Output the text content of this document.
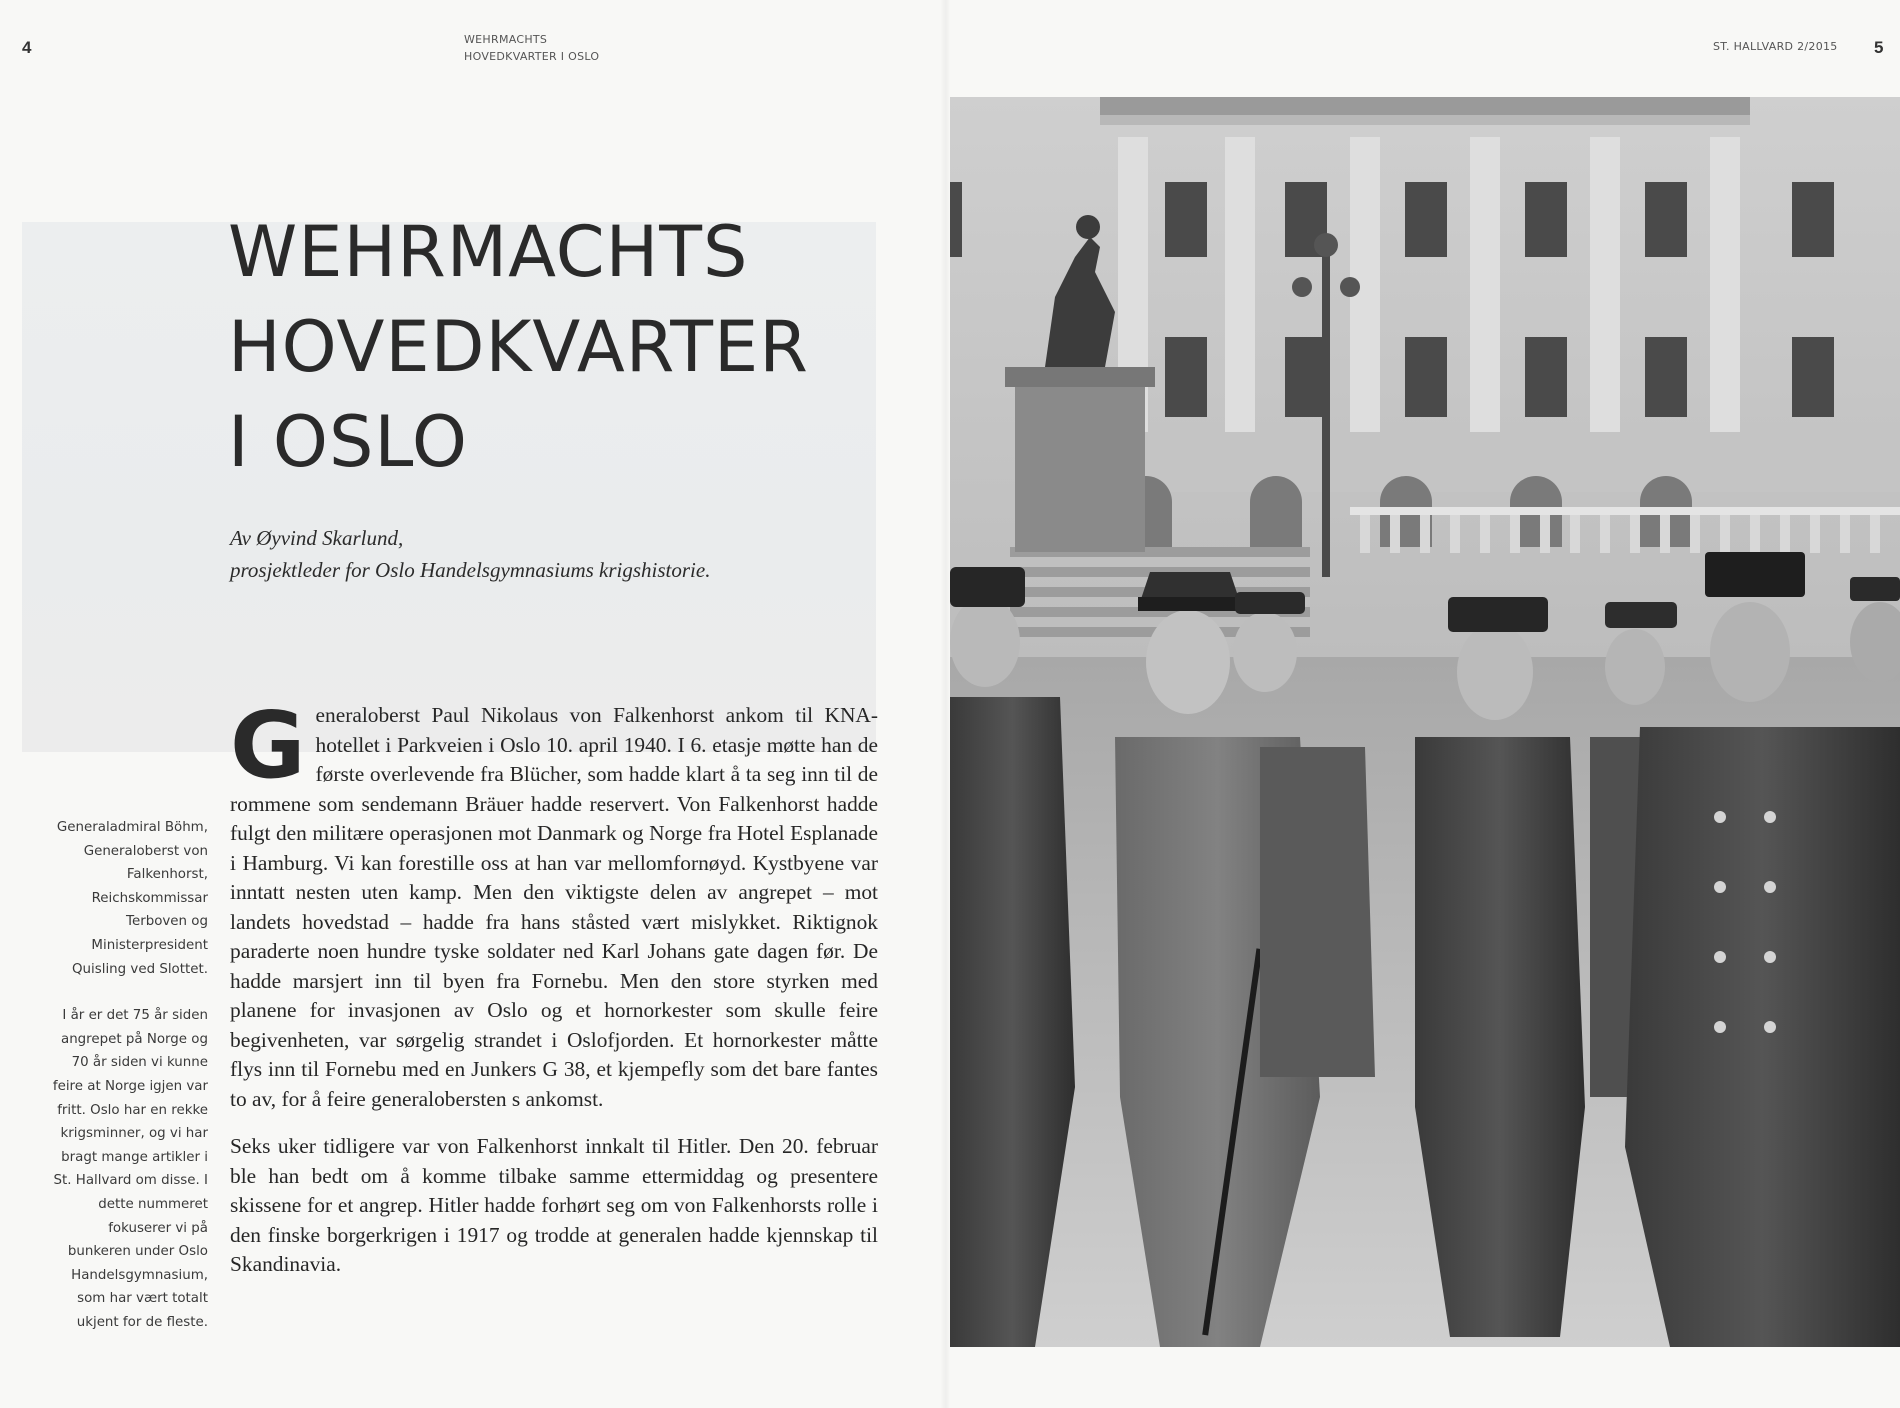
4	WEHRMACHTS
HOVEDKVARTER I OSLO
ST. HALLVARD 2/2015 5
WEHRMACHTS
HOVEDKVARTER
I OSLO
Av Øyvind Skarlund,
prosjektleder for Oslo Handelsgymnasiums krigshistorie.

Generaladmiral Böhm, Generaloberst von Falkenhorst, Reichskommissar Terboven og Ministerpresident Quisling ved Slottet.

I år er det 75 år siden angrepet på Norge og 70 år siden vi kunne feire at Norge igjen var fritt. Oslo har en rekke krigsminner, og vi har bragt mange artikler i St. Hallvard om disse. I dette nummeret fokuserer vi på bunkeren under Oslo Handelsgymnasium, som har vært totalt ukjent for de fleste.

Generaloberst Paul Nikolaus von Falkenhorst ankom til KNA-hotellet i Parkveien i Oslo 10. april 1940. I 6. etasje møtte han de første overlevende fra Blücher, som hadde klart å ta seg inn til de rommene som sendemann Bräuer hadde reservert. Von Falkenhorst hadde fulgt den militære operasjonen mot Danmark og Norge fra Hotel Esplanade i Hamburg. Vi kan forestille oss at han var mellomfornøyd. Kystbyene var inntatt nesten uten kamp. Men den viktigste delen av angrepet – mot landets hovedstad – hadde fra hans ståsted vært mislykket. Riktignok paraderte noen hundre tyske soldater ned Karl Johans gate dagen før. De hadde marsjert inn til byen fra Fornebu. Men den store styrken med planene for invasjonen av Oslo og et hornorkester som skulle feire begivenheten, var sørgelig strandet i Oslofjorden. Et hornorkester måtte flys inn til Fornebu med en Junkers G 38, et kjempefly som det bare fantes to av, for å feire generalobersten s ankomst.

Seks uker tidligere var von Falkenhorst innkalt til Hitler. Den 20. februar ble han bedt om å komme tilbake samme ettermiddag og presentere skissene for et angrep. Hitler hadde forhørt seg om von Falkenhorsts rolle i den finske borgerkrigen i 1917 og trodde at generalen hadde kjennskap til Skandinavia.
